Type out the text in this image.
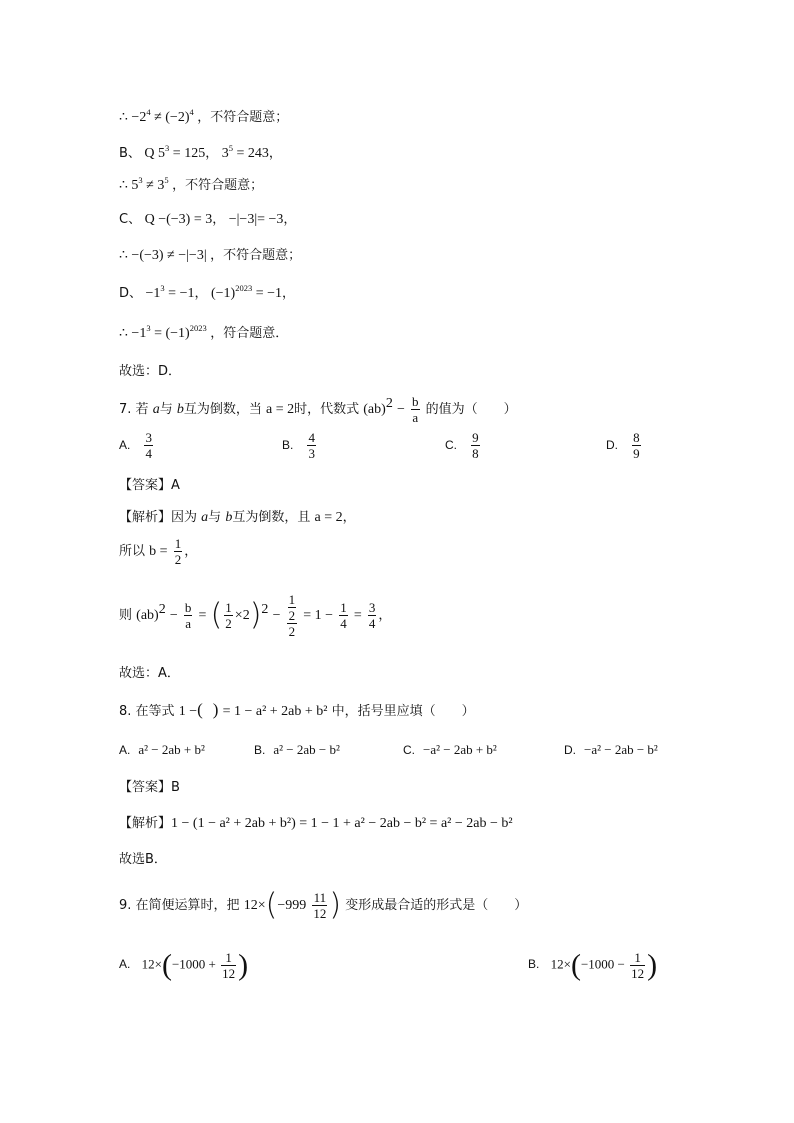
∴ $-2^4 \ne (-2)^4$ ，不符合题意；
B、 Q $5^3 = 125$， $3^5 = 243$，
∴ $5^3 \ne 3^5$ ，不符合题意；
C、 Q −(−3) = 3， −|−3|= −3，
∴ −(−3) ≠ −|−3| ，不符合题意；
D、 $-1^3 = -1$， $(-1)^{2023} = -1$，
∴ $-1^3 = (-1)^{2023}$ ，符合题意．
故选：D．
7. 若 a与 b互为倒数，当 a = 2时，代数式 $(ab)^2 - \frac{b}{a}$ 的值为（　　）
A. $\frac{3}{4}$	B. $\frac{4}{3}$	C. $\frac{9}{8}$	D. $\frac{8}{9}$
【答案】A
【解析】因为 a与 b互为倒数，且 a = 2，
所以 $b = \frac{1}{2}$ ，
则 $(ab)^2 - \frac{b}{a}$ = ( $\frac{1}{2} \times 2)^2 - 1$
2
$2 = 1 - \frac{1}{4} = \frac{3}{4}$ ，
故选：A．
8. 在等式 1 −( ) = 1 − a² + 2ab + b² 中，括号里应填（　　）
A. a² − 2ab + b²	B. a² − 2ab − b²	C. −a² − 2ab + b²	D. −a² − 2ab − b²
【答案】B
【解析】1 − (1 − a² + 2ab + b²) = 1 − 1 + a² − 2ab − b² = a² − 2ab − b²
故选B．
9. 在简便运算时，把 $12\times(-999 \frac{11}{12}$ ) 变形成最合适的形式是（　　）
A. $12\times(-1000 + \frac{1}{12}$ )	B. $12\times(-1000 - \frac{1}{12}$ )
